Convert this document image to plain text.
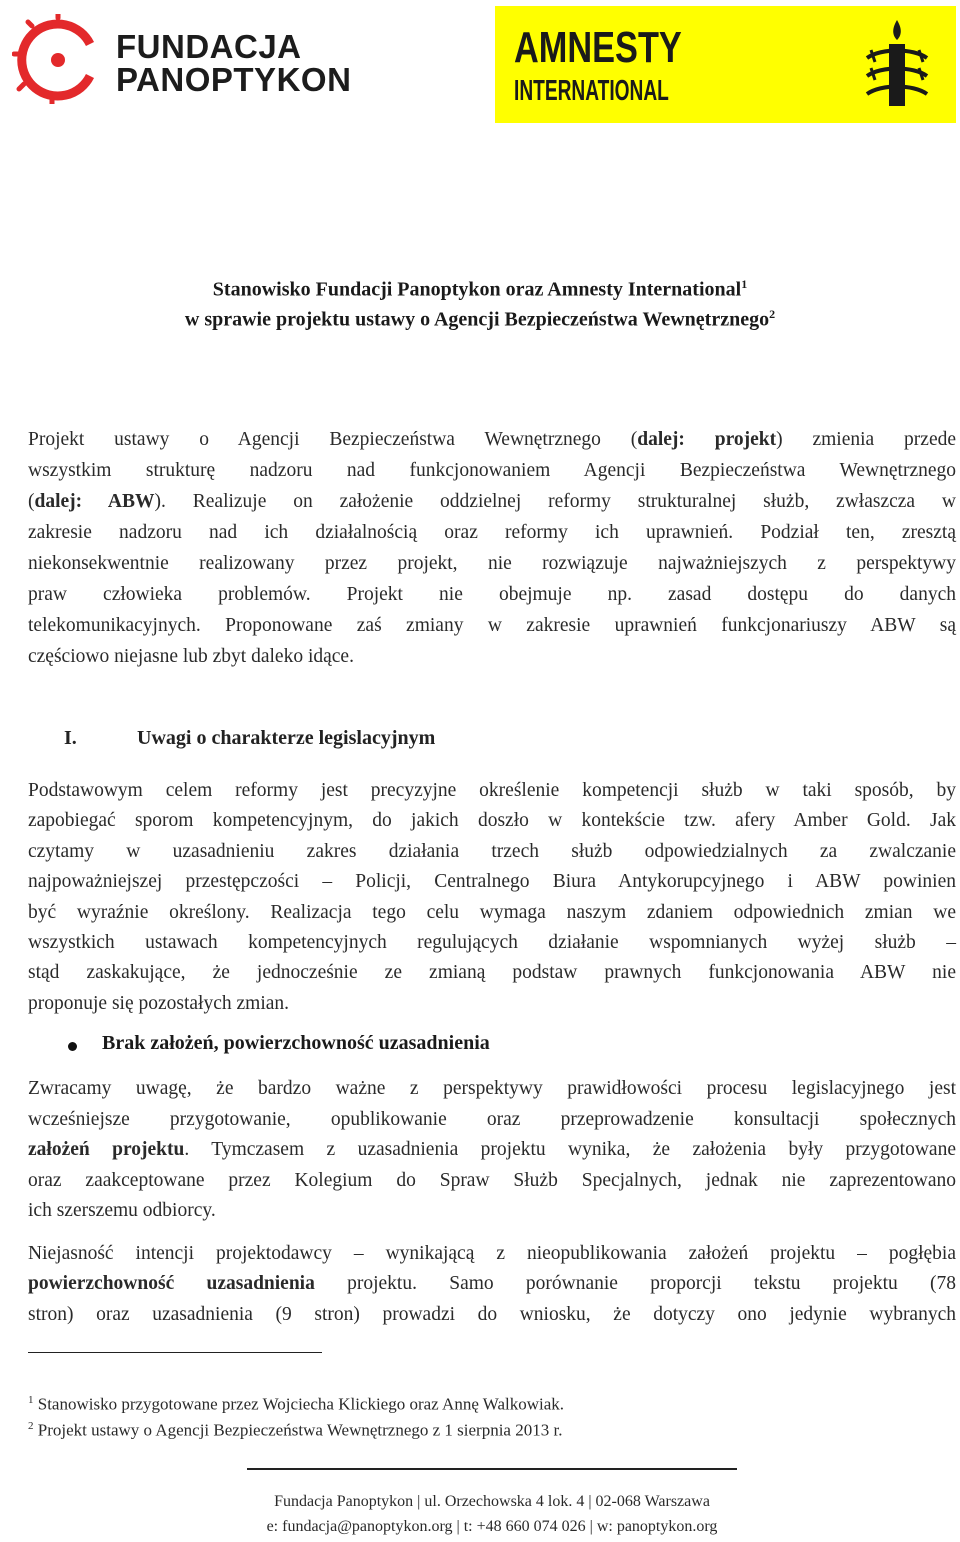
FUNDACJA
PANOPTYKON
AMNESTY
INTERNATIONAL
Stanowisko Fundacji Panoptykon oraz Amnesty International$^1$
w sprawie projektu ustawy o Agencji Bezpieczeństwa Wewnętrznego$^2$
Projekt ustawy o Agencji Bezpieczeństwa Wewnętrznego (dalej: projekt) zmienia przede
wszystkim strukturę nadzoru nad funkcjonowaniem Agencji Bezpieczeństwa Wewnętrznego
(dalej: ABW). Realizuje on założenie oddzielnej reformy strukturalnej służb, zwłaszcza w
zakresie nadzoru nad ich działalnością oraz reformy ich uprawnień. Podział ten, zresztą
niekonsekwentnie realizowany przez projekt, nie rozwiązuje najważniejszych z perspektywy
praw człowieka problemów. Projekt nie obejmuje np. zasad dostępu do danych
telekomunikacyjnych. Proponowane zaś zmiany w zakresie uprawnień funkcjonariuszy ABW są
częściowo niejasne lub zbyt daleko idące.
I.	Uwagi o charakterze legislacyjnym
Podstawowym celem reformy jest precyzyjne określenie kompetencji służb w taki sposób, by
zapobiegać sporom kompetencyjnym, do jakich doszło w kontekście tzw. afery Amber Gold. Jak
czytamy w uzasadnieniu zakres działania trzech służb odpowiedzialnych za zwalczanie
najpoważniejszej przestępczości – Policji, Centralnego Biura Antykorupcyjnego i ABW powinien
być wyraźnie określony. Realizacja tego celu wymaga naszym zdaniem odpowiednich zmian we
wszystkich ustawach kompetencyjnych regulujących działanie wspomnianych wyżej służb –
stąd zaskakujące, że jednocześnie ze zmianą podstaw prawnych funkcjonowania ABW nie
proponuje się pozostałych zmian.
Brak założeń, powierzchowność uzasadnienia
Zwracamy uwagę, że bardzo ważne z perspektywy prawidłowości procesu legislacyjnego jest
wcześniejsze przygotowanie, opublikowanie oraz przeprowadzenie konsultacji społecznych
założeń projektu. Tymczasem z uzasadnienia projektu wynika, że założenia były przygotowane
oraz zaakceptowane przez Kolegium do Spraw Służb Specjalnych, jednak nie zaprezentowano
ich szerszemu odbiorcy.
Niejasność intencji projektodawcy – wynikającą z nieopublikowania założeń projektu – pogłębia
powierzchowność uzasadnienia projektu. Samo porównanie proporcji tekstu projektu (78
stron) oraz uzasadnienia (9 stron) prowadzi do wniosku, że dotyczy ono jedynie wybranych
$^1$ Stanowisko przygotowane przez Wojciecha Klickiego oraz Annę Walkowiak.
$^2$ Projekt ustawy o Agencji Bezpieczeństwa Wewnętrznego z 1 sierpnia 2013 r.
Fundacja Panoptykon | ul. Orzechowska 4 lok. 4 | 02-068 Warszawa
e: fundacja@panoptykon.org | t: +48 660 074 026 | w: panoptykon.org
